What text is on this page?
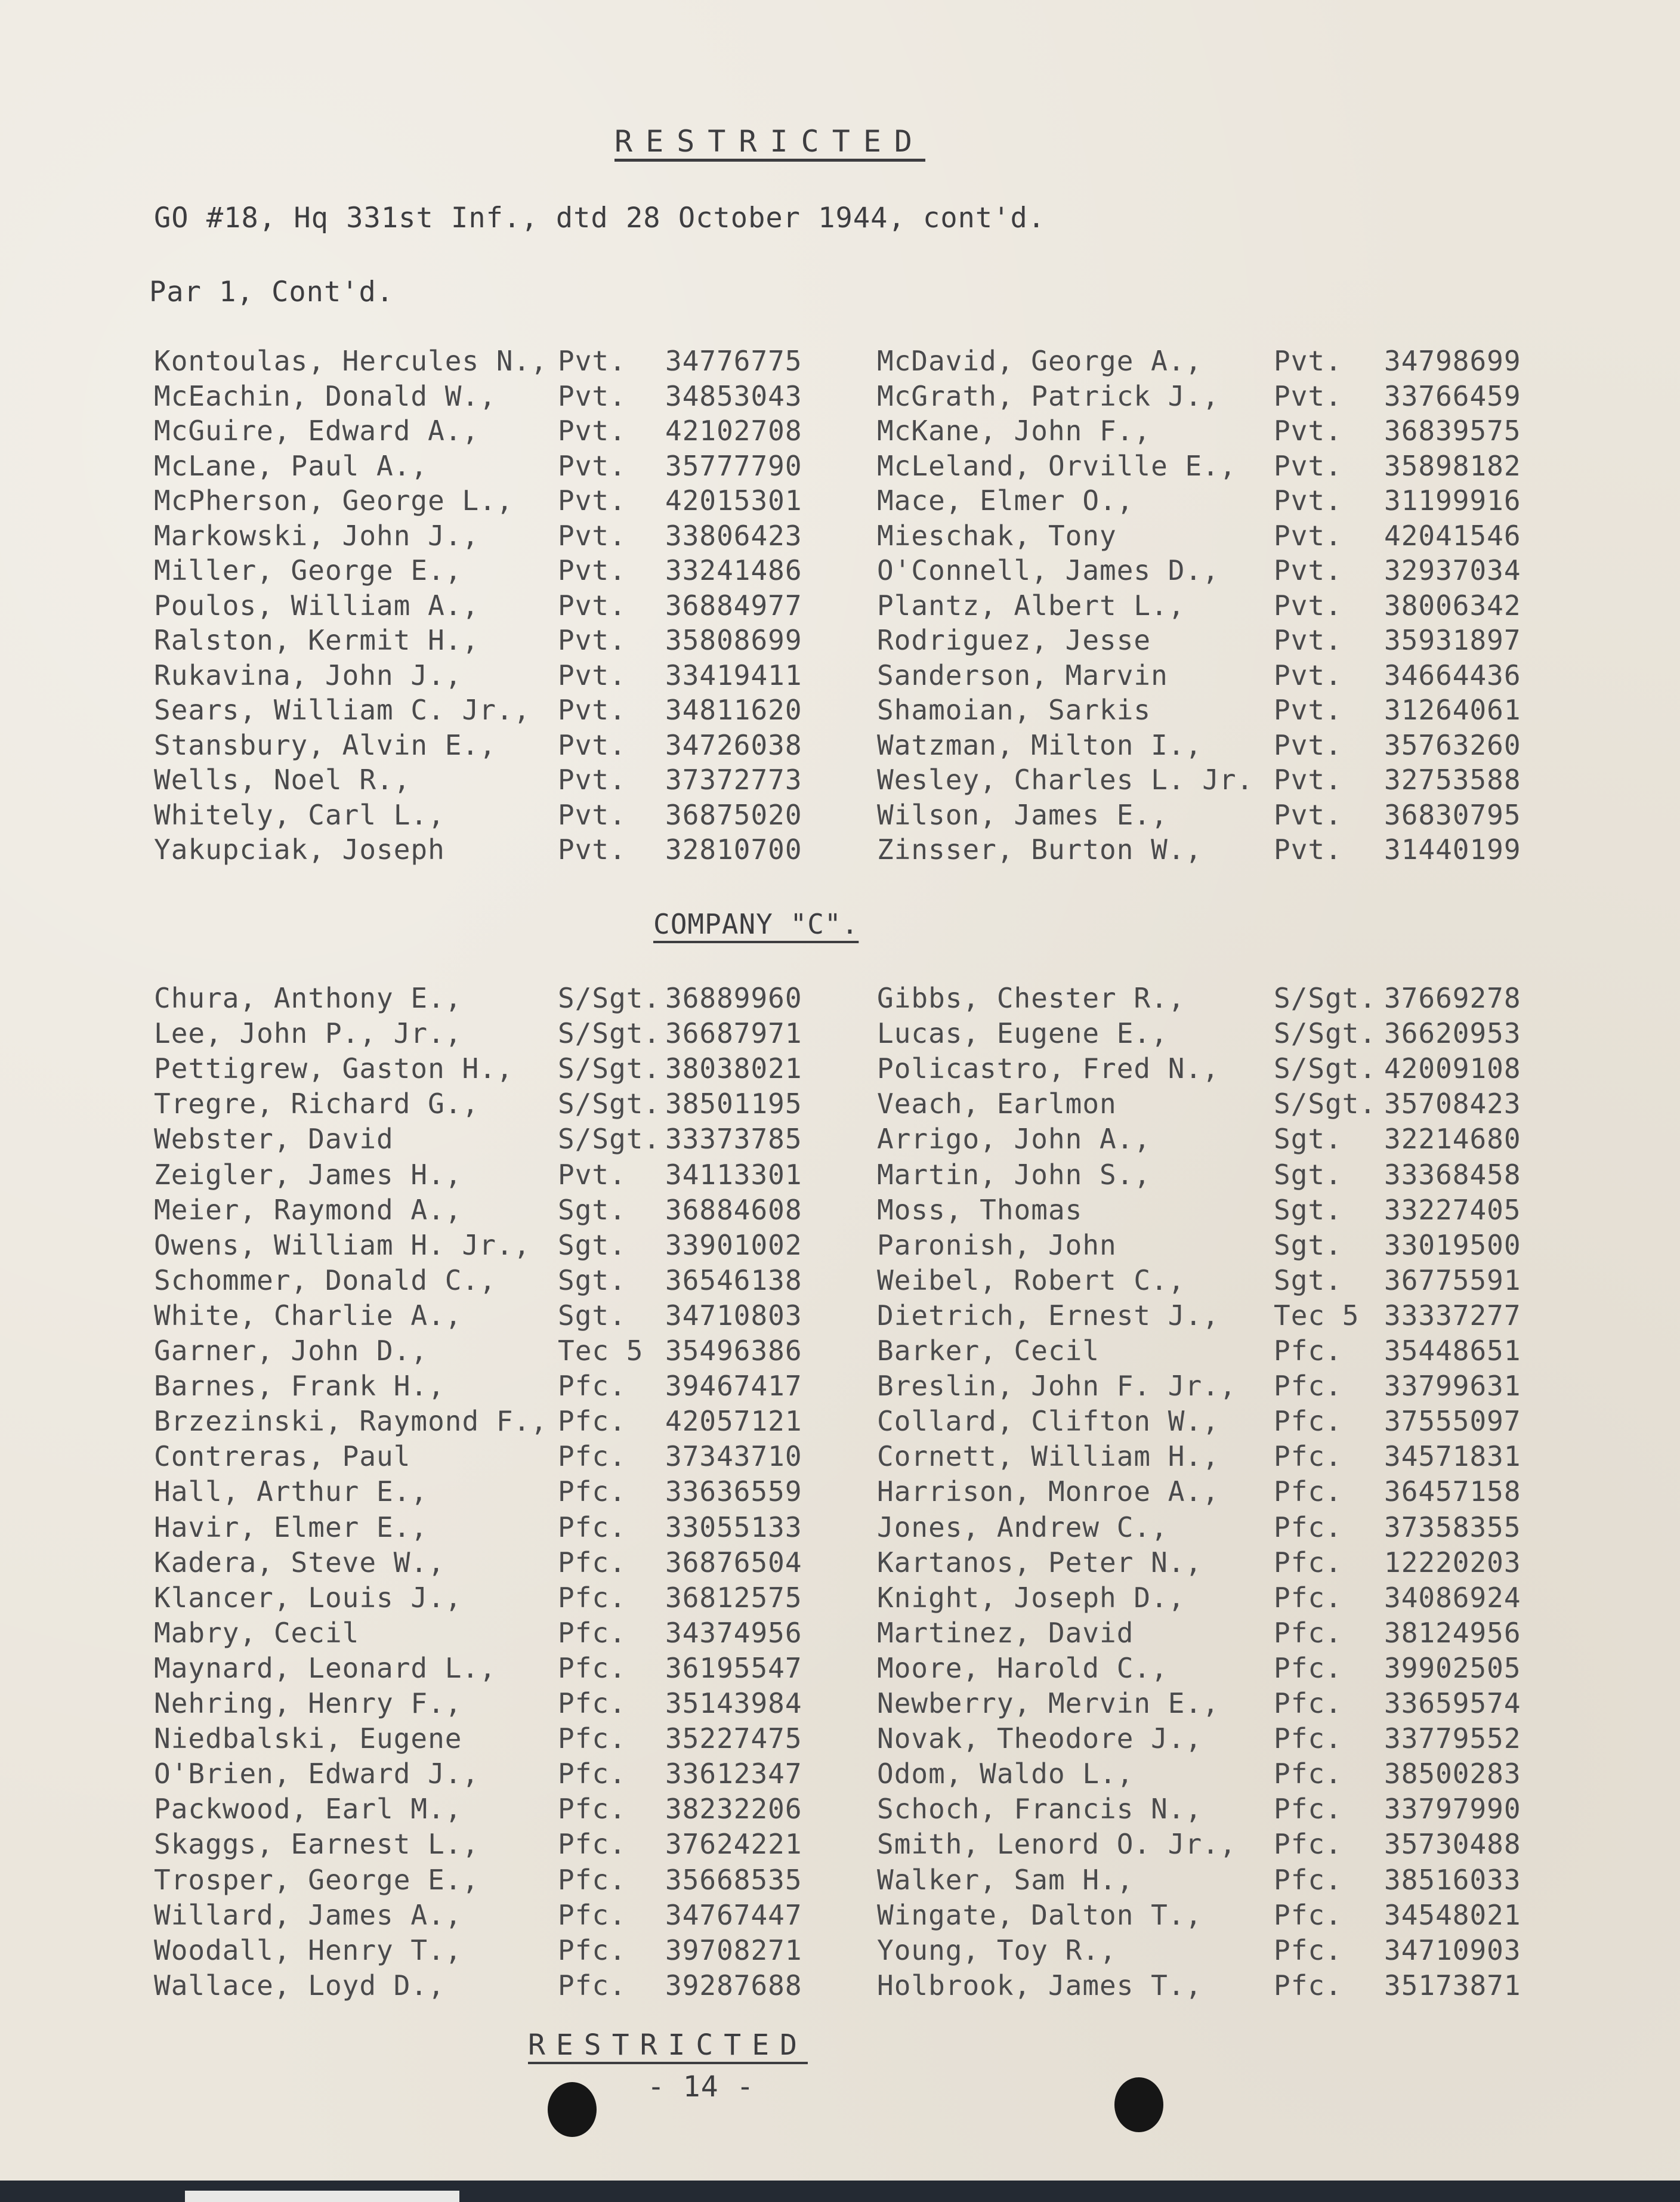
RESTRICTED
GO #18, Hq 331st Inf., dtd 28 October 1944, cont'd.
Par 1, Cont'd.
Kontoulas, Hercules N., Pvt. 34776775	McDavid, George A.,	Pvt. 34798699
McEachin, Donald W., Pvt. 34853043	McGrath, Patrick J., Pvt. 33766459
McGuire, Edward A.,	Pvt. 42102708	McKane, John F.,	Pvt. 36839575
McLane, Paul A.,	Pvt. 35777790	McLeland, Orville E., Pvt. 35898182
McPherson, George L., Pvt. 42015301	Mace, Elmer O.,	Pvt. 31199916
Markowski, John J.,	Pvt. 33806423	Mieschak, Tony	Pvt. 42041546
Miller, George E.,	Pvt. 33241486	O'Connell, James D., Pvt. 32937034
Poulos, William A.,	Pvt. 36884977	Plantz, Albert L.,	Pvt. 38006342
Ralston, Kermit H.,	Pvt. 35808699	Rodriguez, Jesse	Pvt. 35931897
Rukavina, John J.,	Pvt. 33419411	Sanderson, Marvin	Pvt. 34664436
Sears, William C. Jr., Pvt. 34811620	Shamoian, Sarkis	Pvt. 31264061
Stansbury, Alvin E., Pvt. 34726038	Watzman, Milton I.,	Pvt. 35763260
Wells, Noel R.,	Pvt. 37372773	Wesley, Charles L. Jr. Pvt. 32753588
Whitely, Carl L.,	Pvt. 36875020	Wilson, James E.,	Pvt. 36830795
Yakupciak, Joseph	Pvt. 32810700	Zinsser, Burton W.,	Pvt. 31440199
COMPANY "C".
Chura, Anthony E.,	S/Sgt. 36889960	Gibbs, Chester R.,	S/Sgt. 37669278
Lee, John P., Jr.,	S/Sgt. 36687971	Lucas, Eugene E.,	S/Sgt. 36620953
Pettigrew, Gaston H., S/Sgt. 38038021	Policastro, Fred N., S/Sgt. 42009108
Tregre, Richard G.,	S/Sgt. 38501195	Veach, Earlmon	S/Sgt. 35708423
Webster, David	S/Sgt. 33373785	Arrigo, John A.,	Sgt. 32214680
Zeigler, James H.,	Pvt. 34113301	Martin, John S.,	Sgt. 33368458
Meier, Raymond A.,	Sgt. 36884608	Moss, Thomas	Sgt. 33227405
Owens, William H. Jr., Sgt. 33901002	Paronish, John	Sgt. 33019500
Schommer, Donald C., Sgt. 36546138	Weibel, Robert C.,	Sgt. 36775591
White, Charlie A.,	Sgt. 34710803	Dietrich, Ernest J., Tec 5 33337277
Garner, John D.,	Tec 5 35496386	Barker, Cecil	Pfc. 35448651
Barnes, Frank H.,	Pfc. 39467417	Breslin, John F. Jr., Pfc. 33799631
Brzezinski, Raymond F., Pfc. 42057121	Collard, Clifton W., Pfc. 37555097
Contreras, Paul	Pfc. 37343710	Cornett, William H., Pfc. 34571831
Hall, Arthur E.,	Pfc. 33636559	Harrison, Monroe A., Pfc. 36457158
Havir, Elmer E.,	Pfc. 33055133	Jones, Andrew C.,	Pfc. 37358355
Kadera, Steve W.,	Pfc. 36876504	Kartanos, Peter N.,	Pfc. 12220203
Klancer, Louis J.,	Pfc. 36812575	Knight, Joseph D.,	Pfc. 34086924
Mabry, Cecil	Pfc. 34374956	Martinez, David	Pfc. 38124956
Maynard, Leonard L., Pfc. 36195547	Moore, Harold C.,	Pfc. 39902505
Nehring, Henry F.,	Pfc. 35143984	Newberry, Mervin E., Pfc. 33659574
Niedbalski, Eugene	Pfc. 35227475	Novak, Theodore J.,	Pfc. 33779552
O'Brien, Edward J.,	Pfc. 33612347	Odom, Waldo L.,	Pfc. 38500283
Packwood, Earl M.,	Pfc. 38232206	Schoch, Francis N.,	Pfc. 33797990
Skaggs, Earnest L.,	Pfc. 37624221	Smith, Lenord O. Jr., Pfc. 35730488
Trosper, George E.,	Pfc. 35668535	Walker, Sam H.,	Pfc. 38516033
Willard, James A.,	Pfc. 34767447	Wingate, Dalton T.,	Pfc. 34548021
Woodall, Henry T.,	Pfc. 39708271	Young, Toy R.,	Pfc. 34710903
Wallace, Loyd D.,	Pfc. 39287688	Holbrook, James T.,	Pfc. 35173871
RESTRICTED
- 14 -
